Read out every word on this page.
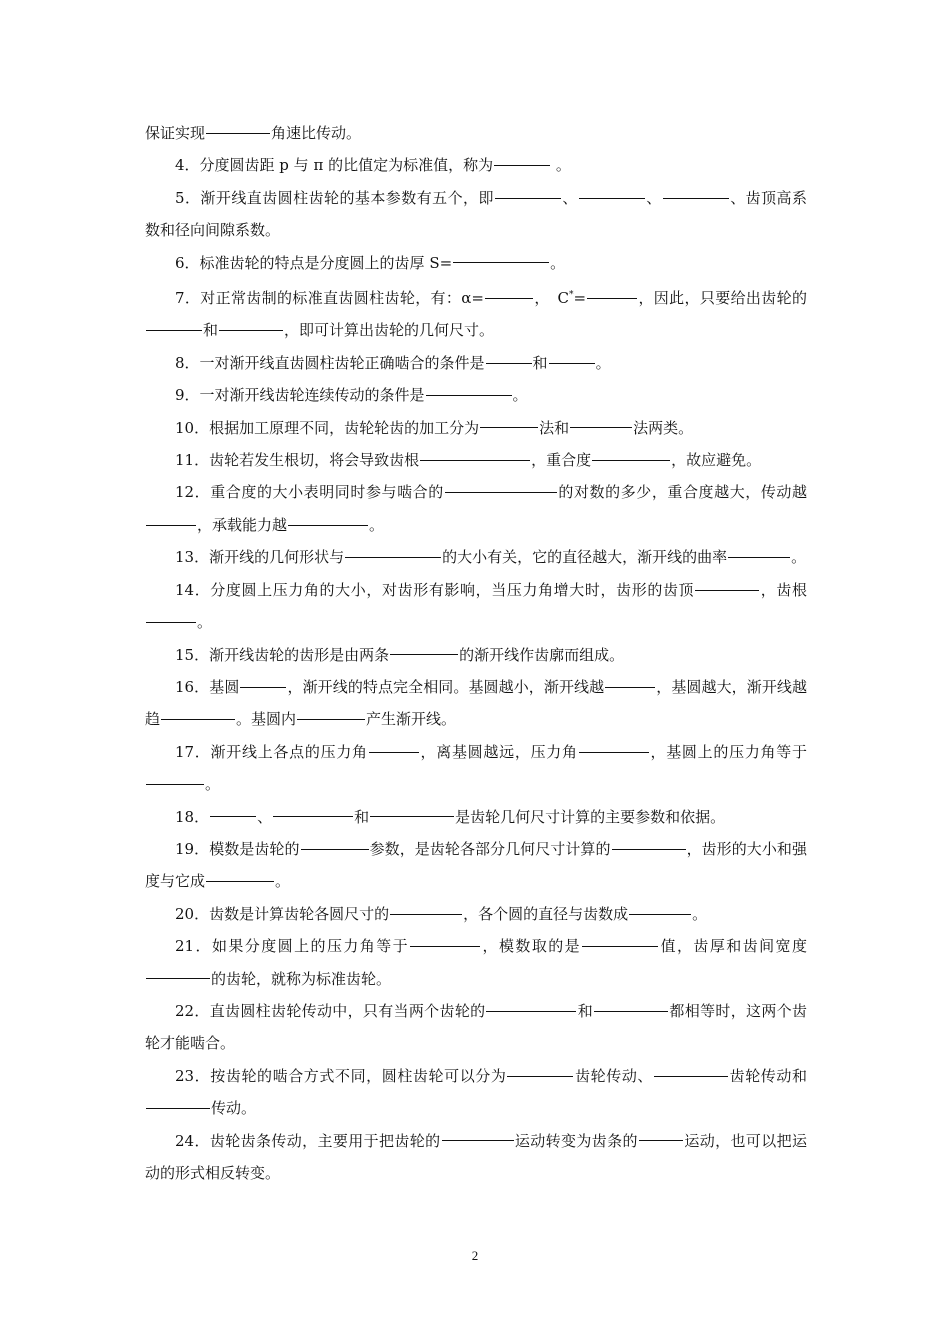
保证实现	角速比传动。

4．分度圆齿距 p 与 π 的比值定为标准值，称为	。

5．渐开线直齿圆柱齿轮的基本参数有五个，即	、	、	、齿顶高系数和径向间隙系数。

6．标准齿轮的特点是分度圆上的齿厚 S=	。

7．对正常齿制的标准直齿圆柱齿轮，有：α=	，　C*=	，因此，只要给出齿轮的和	，即可计算出齿轮的几何尺寸。

8．一对渐开线直齿圆柱齿轮正确啮合的条件是	和	。

9．一对渐开线齿轮连续传动的条件是	。

10．根据加工原理不同，齿轮轮齿的加工分为	法和	法两类。

11．齿轮若发生根切，将会导致齿根	，重合度	，故应避免。

12．重合度的大小表明同时参与啮合的	的对数的多少，重合度越大，传动越，承载能力越	。

13．渐开线的几何形状与	的大小有关，它的直径越大，渐开线的曲率	。

14．分度圆上压力角的大小，对齿形有影响，当压力角增大时，齿形的齿顶	，齿根。

15．渐开线齿轮的齿形是由两条	的渐开线作齿廓而组成。

16．基圆	，渐开线的特点完全相同。基圆越小，渐开线越	，基圆越大，渐开线越趋	。基圆内	产生渐开线。

17．渐开线上各点的压力角	，离基圆越远，压力角	，基圆上的压力角等于。

18．	、	和	是齿轮几何尺寸计算的主要参数和依据。

19．模数是齿轮的	参数，是齿轮各部分几何尺寸计算的	，齿形的大小和强度与它成	。

20．齿数是计算齿轮各圆尺寸的	，各个圆的直径与齿数成	。

21．如果分度圆上的压力角等于	，模数取的是	值，齿厚和齿间宽度的齿轮，就称为标准齿轮。

22．直齿圆柱齿轮传动中，只有当两个齿轮的	和	都相等时，这两个齿轮才能啮合。

23．按齿轮的啮合方式不同，圆柱齿轮可以分为	齿轮传动、	齿轮传动和传动。

24．齿轮齿条传动，主要用于把齿轮的	运动转变为齿条的	运动，也可以把运动的形式相反转变。

2
